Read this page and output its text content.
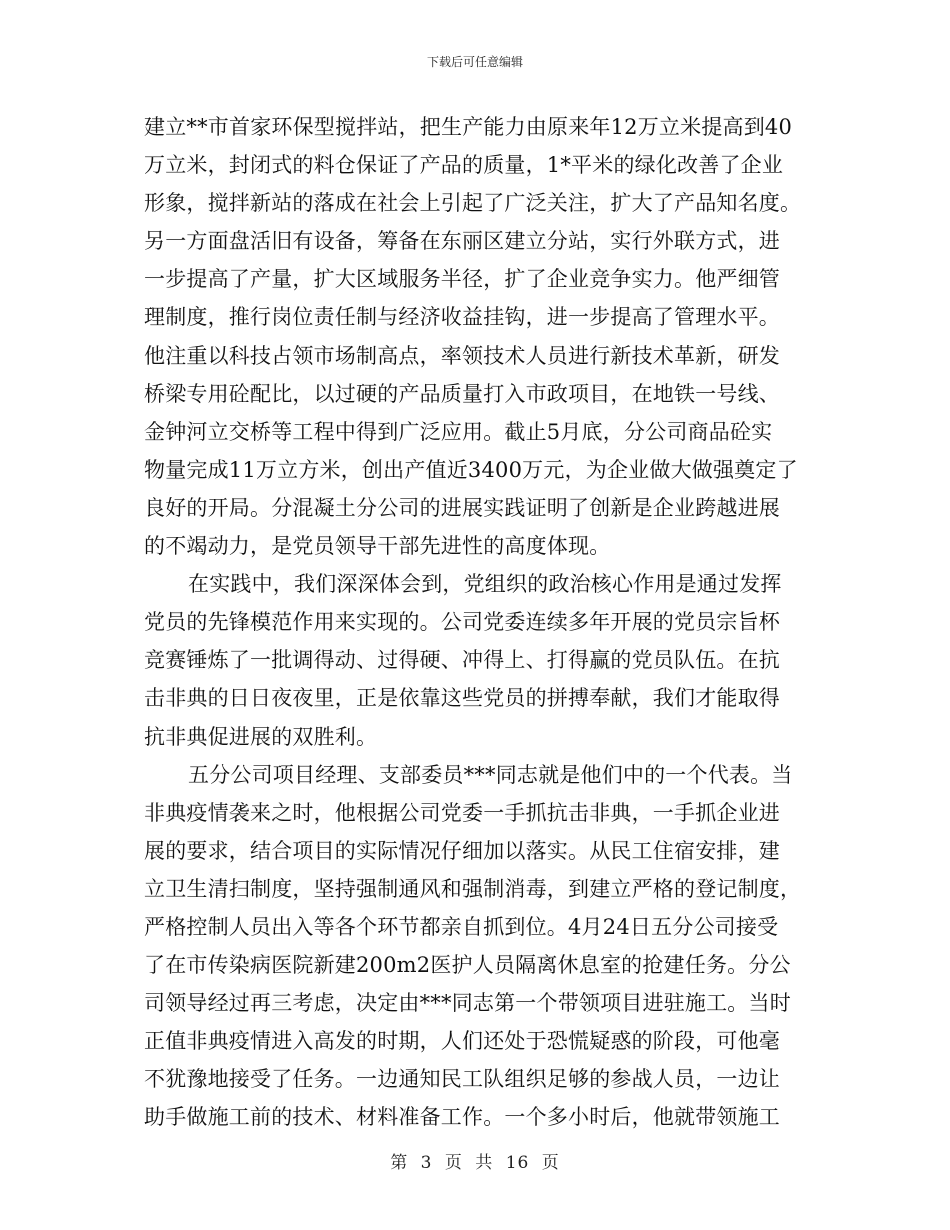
下载后可任意编辑
建立**市首家环保型搅拌站，把生产能力由原来年12万立米提高到40
万立米，封闭式的料仓保证了产品的质量，1*平米的绿化改善了企业
形象，搅拌新站的落成在社会上引起了广泛关注，扩大了产品知名度。
另一方面盘活旧有设备，筹备在东丽区建立分站，实行外联方式，进
一步提高了产量，扩大区域服务半径，扩了企业竞争实力。他严细管
理制度，推行岗位责任制与经济收益挂钩，进一步提高了管理水平。
他注重以科技占领市场制高点，率领技术人员进行新技术革新，研发
桥梁专用砼配比，以过硬的产品质量打入市政项目，在地铁一号线、
金钟河立交桥等工程中得到广泛应用。截止5月底，分公司商品砼实
物量完成11万立方米，创出产值近3400万元，为企业做大做强奠定了
良好的开局。分混凝土分公司的进展实践证明了创新是企业跨越进展
的不竭动力，是党员领导干部先进性的高度体现。
在实践中，我们深深体会到，党组织的政治核心作用是通过发挥
党员的先锋模范作用来实现的。公司党委连续多年开展的党员宗旨杯
竞赛锤炼了一批调得动、过得硬、冲得上、打得赢的党员队伍。在抗
击非典的日日夜夜里，正是依靠这些党员的拼搏奉献，我们才能取得
抗非典促进展的双胜利。
五分公司项目经理、支部委员***同志就是他们中的一个代表。当
非典疫情袭来之时，他根据公司党委一手抓抗击非典，一手抓企业进
展的要求，结合项目的实际情况仔细加以落实。从民工住宿安排，建
立卫生清扫制度，坚持强制通风和强制消毒，到建立严格的登记制度，
严格控制人员出入等各个环节都亲自抓到位。4月24日五分公司接受
了在市传染病医院新建200m2医护人员隔离休息室的抢建任务。分公
司领导经过再三考虑，决定由***同志第一个带领项目进驻施工。当时
正值非典疫情进入高发的时期，人们还处于恐慌疑惑的阶段，可他毫
不犹豫地接受了任务。一边通知民工队组织足够的参战人员，一边让
助手做施工前的技术、材料准备工作。一个多小时后，他就带领施工
第 3 页 共 16 页
